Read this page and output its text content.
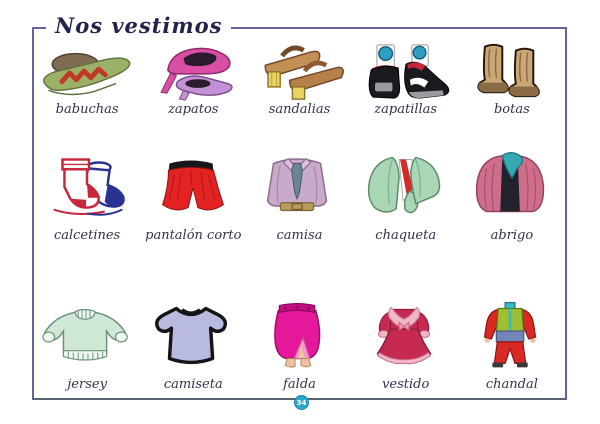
Nos vestimos
babuchas	zapatos	sandalias	zapatillas	botas
calcetines pantalón corto	camisa	chaqueta	abrigo
jersey	camiseta	falda	vestido	chandal
34
